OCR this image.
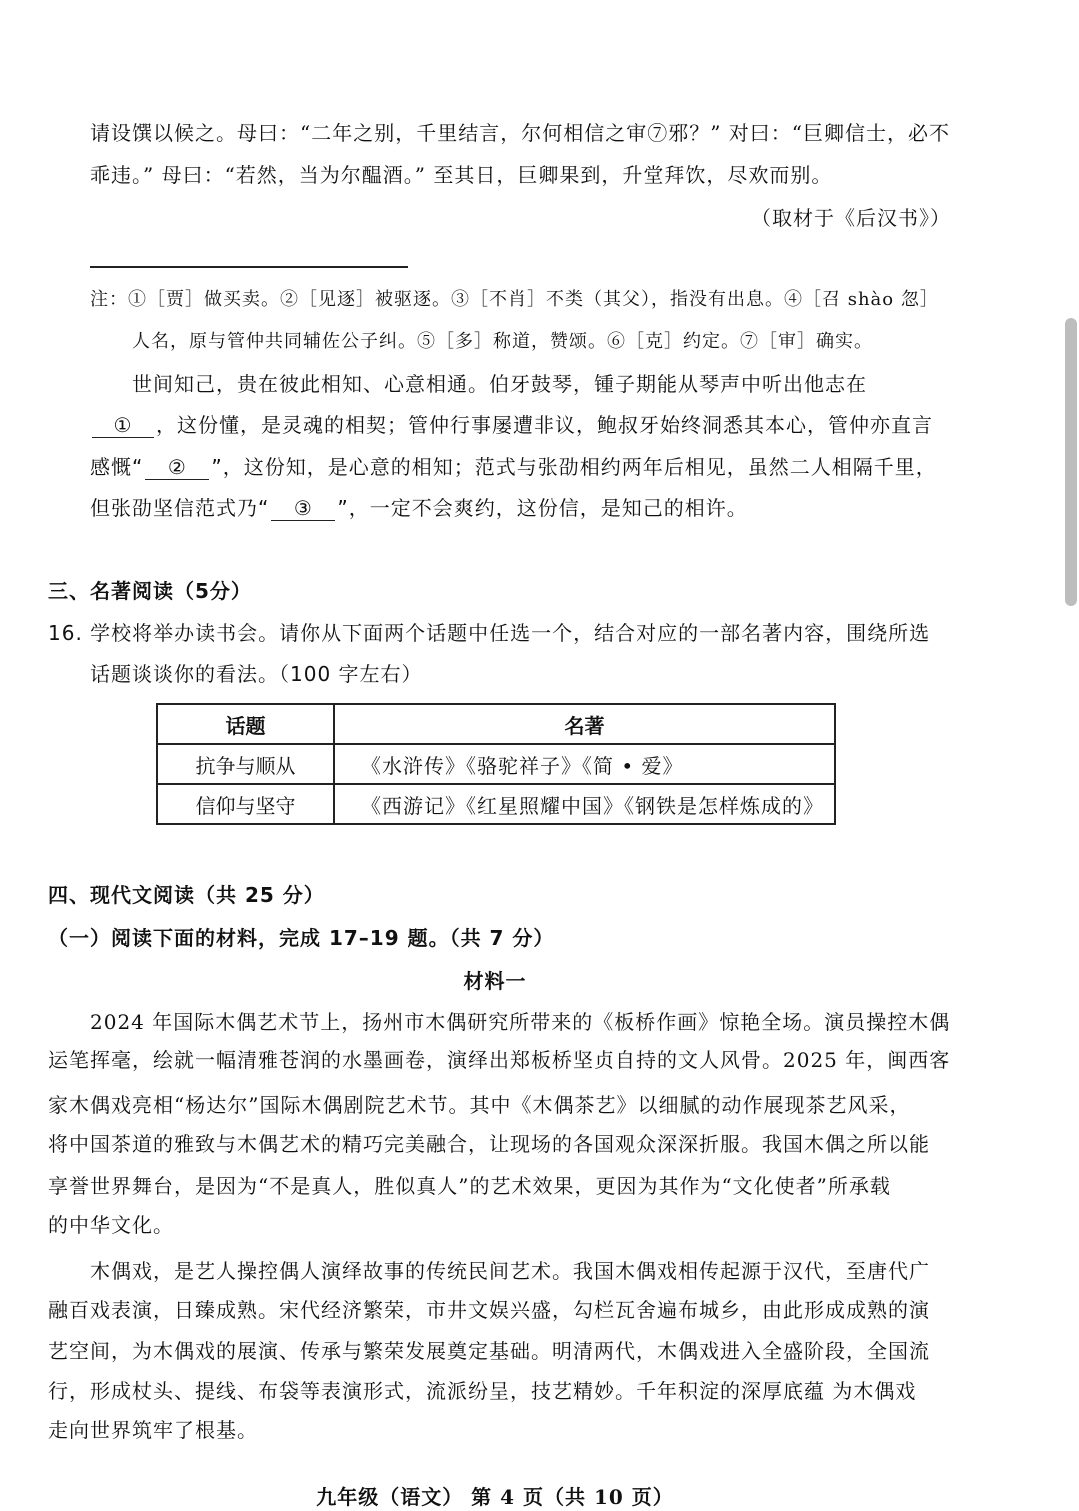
请设馔以候之。母曰：“二年之别，千里结言，尔何相信之审⑦邪？” 对曰：“巨卿信士，必不
乖违。” 母曰：“若然，当为尔醖酒。” 至其日，巨卿果到，升堂拜饮，尽欢而别。
（取材于《后汉书》）
注：①［贾］做买卖。②［见逐］被驱逐。③［不肖］不类（其父），指没有出息。④［召 shào 忽］
人名，原与管仲共同辅佐公子纠。⑤［多］称道，赞颂。⑥［克］约定。⑦［审］确实。
世间知己，贵在彼此相知、心意相通。伯牙鼓琴，锺子期能从琴声中听出他志在
① ，这份懂，是灵魂的相契；管仲行事屡遭非议，鲍叔牙始终洞悉其本心，管仲亦直言
感慨“ ② ”，这份知，是心意的相知；范式与张劭相约两年后相见，虽然二人相隔千里，
但张劭坚信范式乃“ ③ ”，一定不会爽约，这份信，是知己的相许。
三、名著阅读（5分）
16. 学校将举办读书会。请你从下面两个话题中任选一个，结合对应的一部名著内容，围绕所选
话题谈谈你的看法。（100 字左右）
话题	名著
抗争与顺从	《水浒传》《骆驼祥子》《简 • 爱》
信仰与坚守	《西游记》《红星照耀中国》《钢铁是怎样炼成的》
四、现代文阅读（共 25 分）
（一）阅读下面的材料，完成 17–19 题。（共 7 分）
材料一
2024 年国际木偶艺术节上，扬州市木偶研究所带来的《板桥作画》惊艳全场。演员操控木偶
运笔挥毫，绘就一幅清雅苍润的水墨画卷，演绎出郑板桥坚贞自持的文人风骨。2025 年，闽西客
家木偶戏亮相“杨达尔”国际木偶剧院艺术节。其中《木偶茶艺》以细腻的动作展现茶艺风采，
将中国茶道的雅致与木偶艺术的精巧完美融合，让现场的各国观众深深折服。我国木偶之所以能
享誉世界舞台，是因为“不是真人，胜似真人”的艺术效果，更因为其作为“文化使者”所承载
的中华文化。
木偶戏，是艺人操控偶人演绎故事的传统民间艺术。我国木偶戏相传起源于汉代，至唐代广
融百戏表演，日臻成熟。宋代经济繁荣，市井文娱兴盛，勾栏瓦舍遍布城乡，由此形成成熟的演
艺空间，为木偶戏的展演、传承与繁荣发展奠定基础。明清两代，木偶戏进入全盛阶段，全国流
行，形成杖头、提线、布袋等表演形式，流派纷呈，技艺精妙。千年积淀的深厚底蕴 为木偶戏
走向世界筑牢了根基。
九年级（语文） 第 4 页（共 10 页）
